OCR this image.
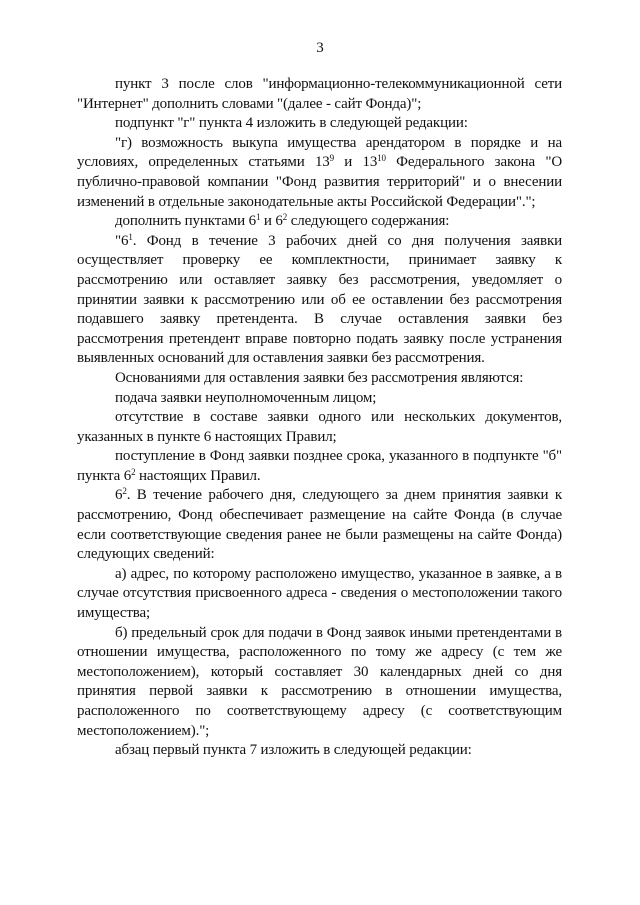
3

пункт 3 после слов "информационно-телекоммуникационной сети "Интернет" дополнить словами "(далее - сайт Фонда)";

подпункт "г" пункта 4 изложить в следующей редакции:

"г) возможность выкупа имущества арендатором в порядке и на условиях, определенных статьями $13^9$ и $13^{10}$ Федерального закона "О публично-правовой компании "Фонд развития территорий" и о внесении изменений в отдельные законодательные акты Российской Федерации".";

дополнить пунктами $6^1$ и $6^2$ следующего содержания:

"$6^1$. Фонд в течение 3 рабочих дней со дня получения заявки осуществляет проверку ее комплектности, принимает заявку к рассмотрению или оставляет заявку без рассмотрения, уведомляет о принятии заявки к рассмотрению или об ее оставлении без рассмотрения подавшего заявку претендента. В случае оставления заявки без рассмотрения претендент вправе повторно подать заявку после устранения выявленных оснований для оставления заявки без рассмотрения.

Основаниями для оставления заявки без рассмотрения являются:

подача заявки неуполномоченным лицом;

отсутствие в составе заявки одного или нескольких документов, указанных в пункте 6 настоящих Правил;

поступление в Фонд заявки позднее срока, указанного в подпункте "б" пункта $6^2$ настоящих Правил.

$6^2$. В течение рабочего дня, следующего за днем принятия заявки к рассмотрению, Фонд обеспечивает размещение на сайте Фонда (в случае если соответствующие сведения ранее не были размещены на сайте Фонда) следующих сведений:

а) адрес, по которому расположено имущество, указанное в заявке, а в случае отсутствия присвоенного адреса - сведения о местоположении такого имущества;

б) предельный срок для подачи в Фонд заявок иными претендентами в отношении имущества, расположенного по тому же адресу (с тем же местоположением), который составляет 30 календарных дней со дня принятия первой заявки к рассмотрению в отношении имущества, расположенного по соответствующему адресу (с соответствующим местоположением).";

абзац первый пункта 7 изложить в следующей редакции:
